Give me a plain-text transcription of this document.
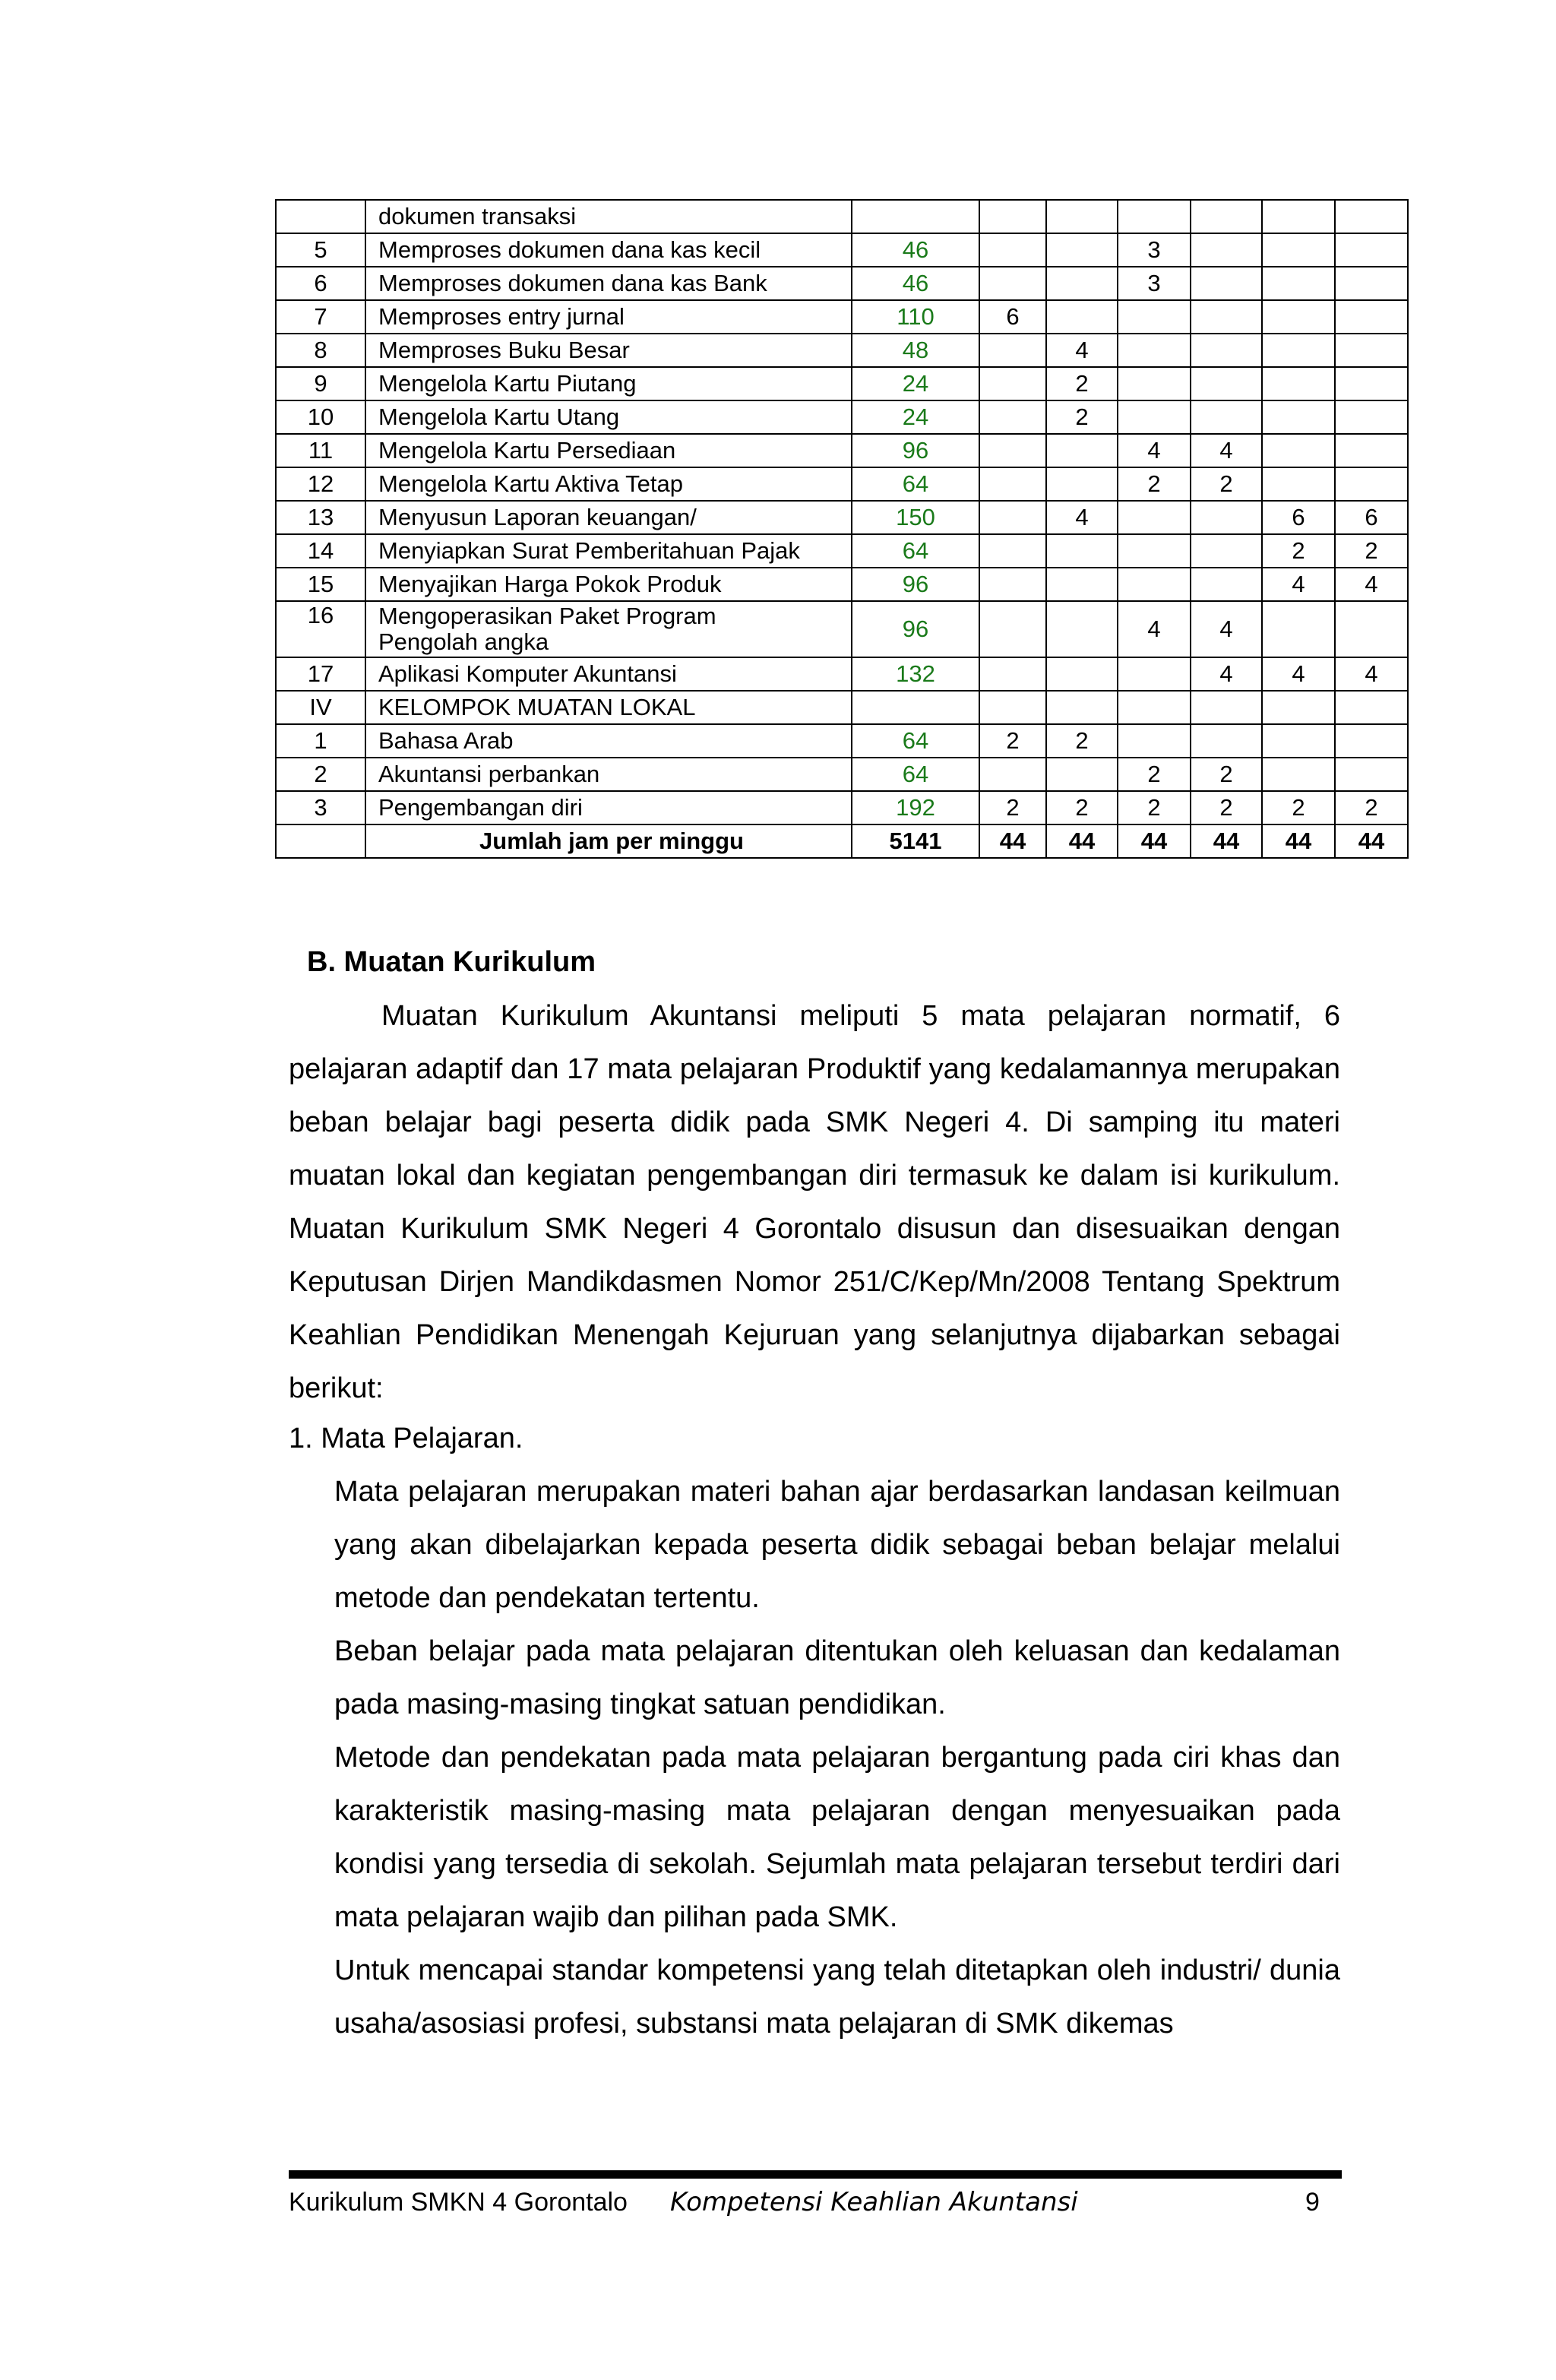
	dokumen transaksi							
5	Memproses dokumen dana kas kecil	46			3			
6	Memproses dokumen dana kas Bank	46			3			
7	Memproses entry jurnal	110	6					
8	Memproses Buku Besar	48		4				
9	Mengelola Kartu Piutang	24		2				
10	Mengelola Kartu Utang	24		2				
11	Mengelola Kartu Persediaan	96			4	4		
12	Mengelola Kartu Aktiva Tetap	64			2	2		
13	Menyusun Laporan keuangan/	150		4			6	6
14	Menyiapkan Surat Pemberitahuan Pajak	64					2	2
15	Menyajikan Harga Pokok Produk	96					4	4
16	Mengoperasikan Paket Program
Pengolah angka	96			4	4		
17	Aplikasi Komputer Akuntansi	132				4	4	4
IV	KELOMPOK MUATAN LOKAL							
1	Bahasa Arab	64	2	2				
2	Akuntansi perbankan	64			2	2		
3	Pengembangan diri	192	2	2	2	2	2	2
	Jumlah jam per minggu	5141	44	44	44	44	44	44
B. Muatan Kurikulum

Muatan Kurikulum Akuntansi meliputi 5 mata pelajaran normatif, 6 pelajaran adaptif dan 17 mata pelajaran Produktif yang kedalamannya merupakan beban belajar bagi peserta didik pada SMK Negeri 4. Di samping itu materi muatan lokal dan kegiatan pengembangan diri termasuk ke dalam isi kurikulum. Muatan Kurikulum SMK Negeri 4 Gorontalo disusun dan disesuaikan dengan Keputusan Dirjen Mandikdasmen Nomor 251/C/Kep/Mn/2008 Tentang Spektrum Keahlian Pendidikan Menengah Kejuruan yang selanjutnya dijabarkan sebagai berikut:

1. Mata Pelajaran.

Mata pelajaran merupakan materi bahan ajar berdasarkan landasan keilmuan yang akan dibelajarkan kepada peserta didik sebagai beban belajar melalui metode dan pendekatan tertentu.

Beban belajar pada mata pelajaran ditentukan oleh keluasan dan kedalaman pada masing-masing tingkat satuan pendidikan.

Metode dan pendekatan pada mata pelajaran bergantung pada ciri khas dan karakteristik masing-masing mata pelajaran dengan menyesuaikan pada kondisi yang tersedia di sekolah. Sejumlah mata pelajaran tersebut terdiri dari mata pelajaran wajib dan pilihan pada SMK.

Untuk mencapai standar kompetensi yang telah ditetapkan oleh industri/ dunia usaha/asosiasi profesi, substansi mata pelajaran di SMK dikemas

Kurikulum SMKN 4 Gorontalo Kompetensi Keahlian Akuntansi	9
